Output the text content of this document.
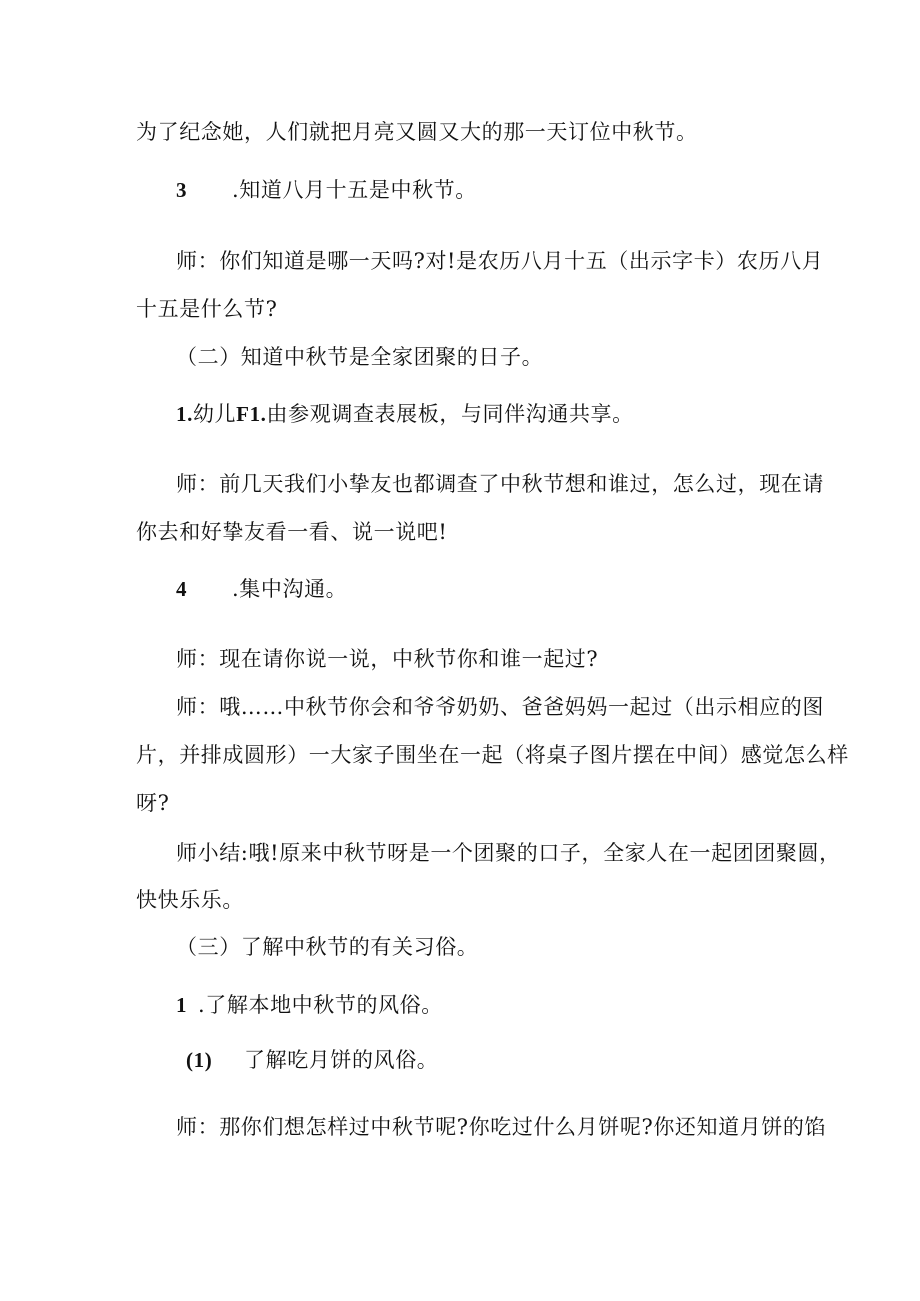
为了纪念她，人们就把月亮又圆又大的那一天订位中秋节。
3 .知道八月十五是中秋节。
师：你们知道是哪一天吗?对!是农历八月十五（出示字卡）农历八月
十五是什么节?
（二）知道中秋节是全家团聚的日子。
1.幼儿F1.由参观调查表展板，与同伴沟通共享。
师：前几天我们小挚友也都调查了中秋节想和谁过，怎么过，现在请
你去和好挚友看一看、说一说吧!
4 .集中沟通。
师：现在请你说一说，中秋节你和谁一起过?
师：哦……中秋节你会和爷爷奶奶、爸爸妈妈一起过（出示相应的图
片，并排成圆形）一大家子围坐在一起（将桌子图片摆在中间）感觉怎么样
呀?
师小结:哦!原来中秋节呀是一个团聚的口子，全家人在一起团团聚圆，
快快乐乐。
（三）了解中秋节的有关习俗。
1 .了解本地中秋节的风俗。
(1) 了解吃月饼的风俗。
师：那你们想怎样过中秋节呢?你吃过什么月饼呢?你还知道月饼的馅
